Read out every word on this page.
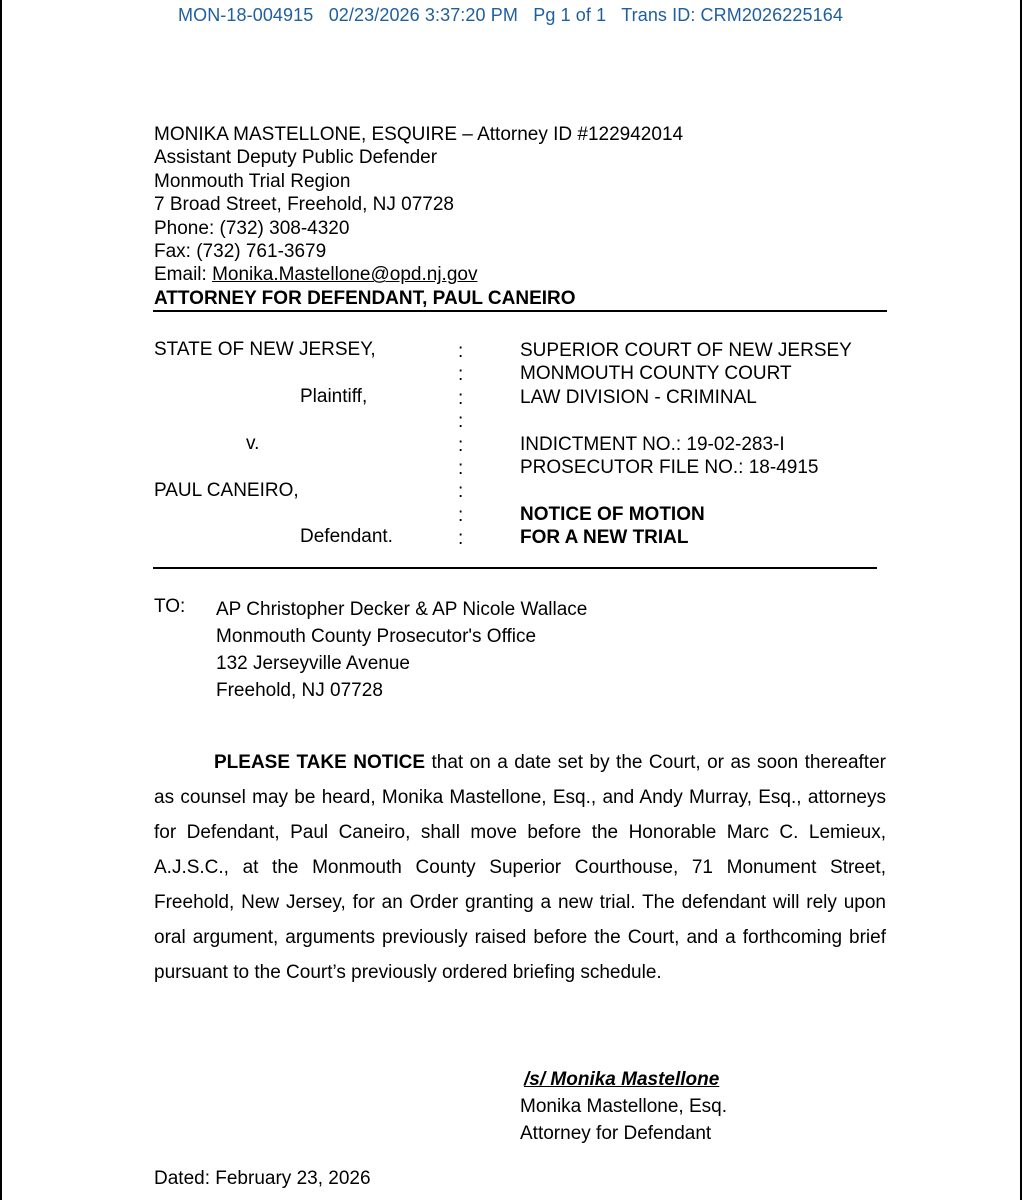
MON-18-004915 02/23/2026 3:37:20 PM Pg 1 of 1 Trans ID: CRM2026225164
MONIKA MASTELLONE, ESQUIRE – Attorney ID #122942014
Assistant Deputy Public Defender
Monmouth Trial Region
7 Broad Street, Freehold, NJ 07728
Phone: (732) 308-4320
Fax: (732) 761-3679
Email: Monika.Mastellone@opd.nj.gov
ATTORNEY FOR DEFENDANT, PAUL CANEIRO
STATE OF NEW JERSEY,
Plaintiff,
v.
PAUL CANEIRO,
Defendant.
:
:
:
:
:
:
:
:
:
SUPERIOR COURT OF NEW JERSEY
MONMOUTH COUNTY COURT
LAW DIVISION - CRIMINAL
INDICTMENT NO.: 19-02-283-I
PROSECUTOR FILE NO.: 18-4915
NOTICE OF MOTION
FOR A NEW TRIAL
TO: AP Christopher Decker & AP Nicole Wallace
Monmouth County Prosecutor's Office
132 Jerseyville Avenue
Freehold, NJ 07728
PLEASE TAKE NOTICE that on a date set by the Court, or as soon thereafter as counsel may be heard, Monika Mastellone, Esq., and Andy Murray, Esq., attorneys for Defendant, Paul Caneiro, shall move before the Honorable Marc C. Lemieux, A.J.S.C., at the Monmouth County Superior Courthouse, 71 Monument Street, Freehold, New Jersey, for an Order granting a new trial. The defendant will rely upon oral argument, arguments previously raised before the Court, and a forthcoming brief pursuant to the Court’s previously ordered briefing schedule.
/s/ Monika Mastellone
Monika Mastellone, Esq.
Attorney for Defendant
Dated: February 23, 2026
